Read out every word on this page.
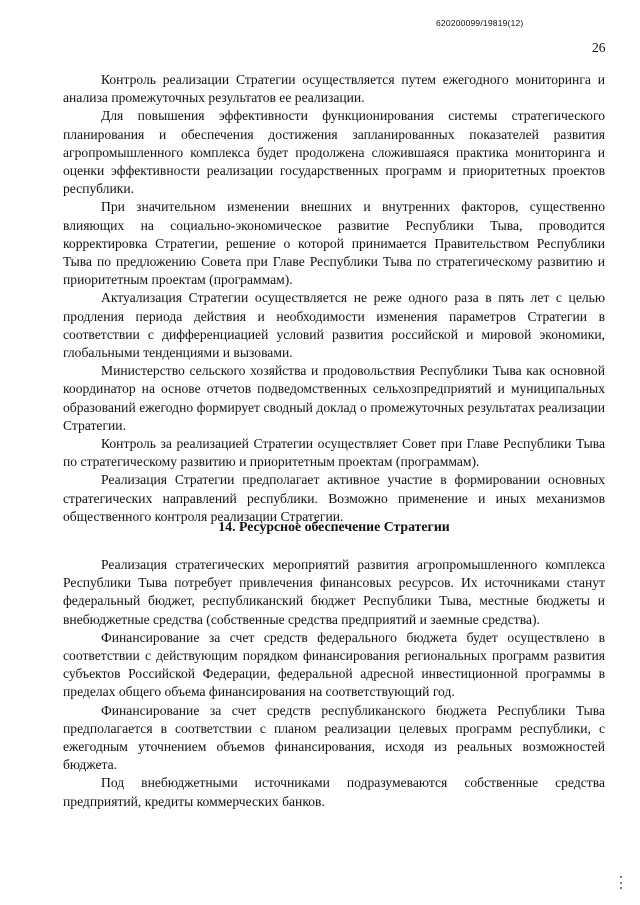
620200099/19819(12)
26

Контроль реализации Стратегии осуществляется путем ежегодного мониторинга и анализа промежуточных результатов ее реализации.

Для повышения эффективности функционирования системы стратегического планирования и обеспечения достижения запланированных показателей развития агропромышленного комплекса будет продолжена сложившаяся практика мониторинга и оценки эффективности реализации государственных программ и приоритетных проектов республики.

При значительном изменении внешних и внутренних факторов, существенно влияющих на социально-экономическое развитие Республики Тыва, проводится корректировка Стратегии, решение о которой принимается Правительством Республики Тыва по предложению Совета при Главе Республики Тыва по стратегическому развитию и приоритетным проектам (программам).

Актуализация Стратегии осуществляется не реже одного раза в пять лет с целью продления периода действия и необходимости изменения параметров Стратегии в соответствии с дифференциацией условий развития российской и мировой экономики, глобальными тенденциями и вызовами.

Министерство сельского хозяйства и продовольствия Республики Тыва как основной координатор на основе отчетов подведомственных сельхозпредприятий и муниципальных образований ежегодно формирует сводный доклад о промежуточных результатах реализации Стратегии.

Контроль за реализацией Стратегии осуществляет Совет при Главе Республики Тыва по стратегическому развитию и приоритетным проектам (программам).

Реализация Стратегии предполагает активное участие в формировании основных стратегических направлений республики. Возможно применение и иных механизмов общественного контроля реализации Стратегии.

14. Ресурсное обеспечение Стратегии

Реализация стратегических мероприятий развития агропромышленного комплекса Республики Тыва потребует привлечения финансовых ресурсов. Их источниками станут федеральный бюджет, республиканский бюджет Республики Тыва, местные бюджеты и внебюджетные средства (собственные средства предприятий и заемные средства).

Финансирование за счет средств федерального бюджета будет осуществлено в соответствии с действующим порядком финансирования региональных программ развития субъектов Российской Федерации, федеральной адресной инвестиционной программы в пределах общего объема финансирования на соответствующий год.

Финансирование за счет средств республиканского бюджета Республики Тыва предполагается в соответствии с планом реализации целевых программ республики, с ежегодным уточнением объемов финансирования, исходя из реальных возможностей бюджета.

Под внебюджетными источниками подразумеваются собственные средства предприятий, кредиты коммерческих банков.
